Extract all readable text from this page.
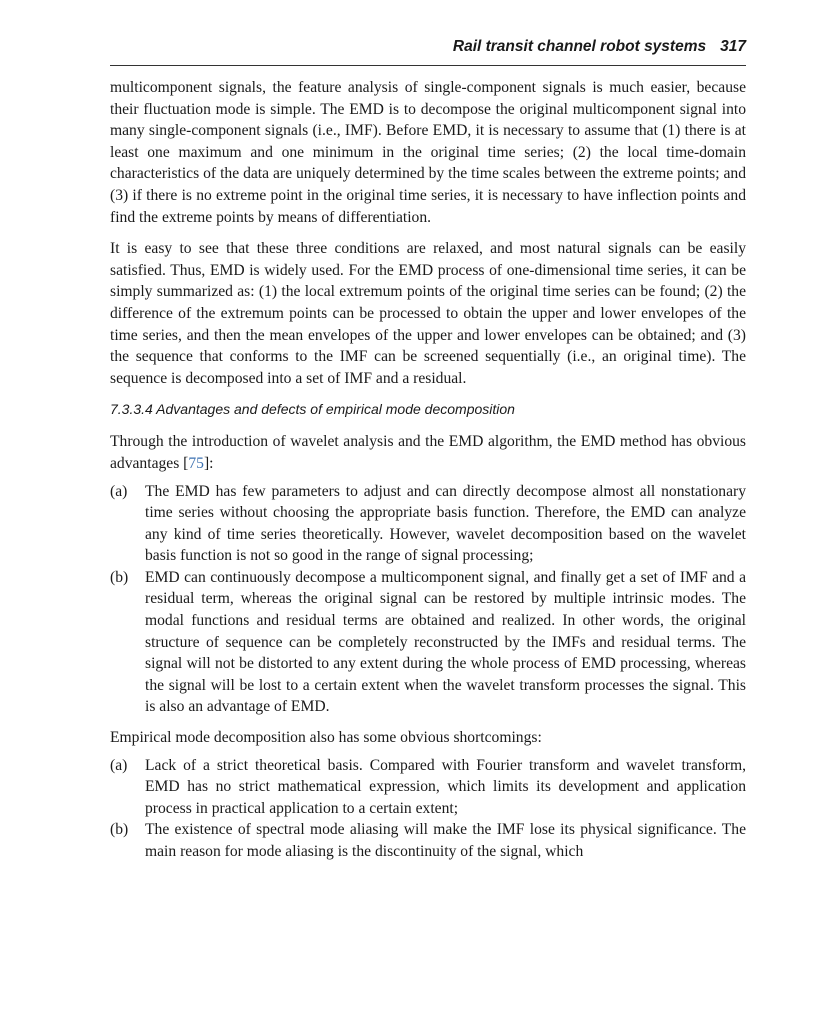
Rail transit channel robot systems 317

multicomponent signals, the feature analysis of single-component signals is much easier, because their fluctuation mode is simple. The EMD is to decompose the original multicomponent signal into many single-component signals (i.e., IMF). Before EMD, it is necessary to assume that (1) there is at least one maximum and one minimum in the original time series; (2) the local time-domain characteristics of the data are uniquely determined by the time scales between the extreme points; and (3) if there is no extreme point in the original time series, it is necessary to have inflection points and find the extreme points by means of differentiation.

It is easy to see that these three conditions are relaxed, and most natural signals can be easily satisfied. Thus, EMD is widely used. For the EMD process of one-dimensional time series, it can be simply summarized as: (1) the local extremum points of the original time series can be found; (2) the difference of the extremum points can be processed to obtain the upper and lower envelopes of the time series, and then the mean envelopes of the upper and lower envelopes can be obtained; and (3) the sequence that conforms to the IMF can be screened sequentially (i.e., an original time). The sequence is decomposed into a set of IMF and a residual.

7.3.3.4 Advantages and defects of empirical mode decomposition

Through the introduction of wavelet analysis and the EMD algorithm, the EMD method has obvious advantages [75]:

(a) The EMD has few parameters to adjust and can directly decompose almost all nonstationary time series without choosing the appropriate basis function. Therefore, the EMD can analyze any kind of time series theoretically. However, wavelet decomposition based on the wavelet basis function is not so good in the range of signal processing;
(b) EMD can continuously decompose a multicomponent signal, and finally get a set of IMF and a residual term, whereas the original signal can be restored by multiple intrinsic modes. The modal functions and residual terms are obtained and realized. In other words, the original structure of sequence can be completely reconstructed by the IMFs and residual terms. The signal will not be distorted to any extent during the whole process of EMD processing, whereas the signal will be lost to a certain extent when the wavelet transform processes the signal. This is also an advantage of EMD.

Empirical mode decomposition also has some obvious shortcomings:

(a) Lack of a strict theoretical basis. Compared with Fourier transform and wavelet transform, EMD has no strict mathematical expression, which limits its development and application process in practical application to a certain extent;
(b) The existence of spectral mode aliasing will make the IMF lose its physical significance. The main reason for mode aliasing is the discontinuity of the signal, which
